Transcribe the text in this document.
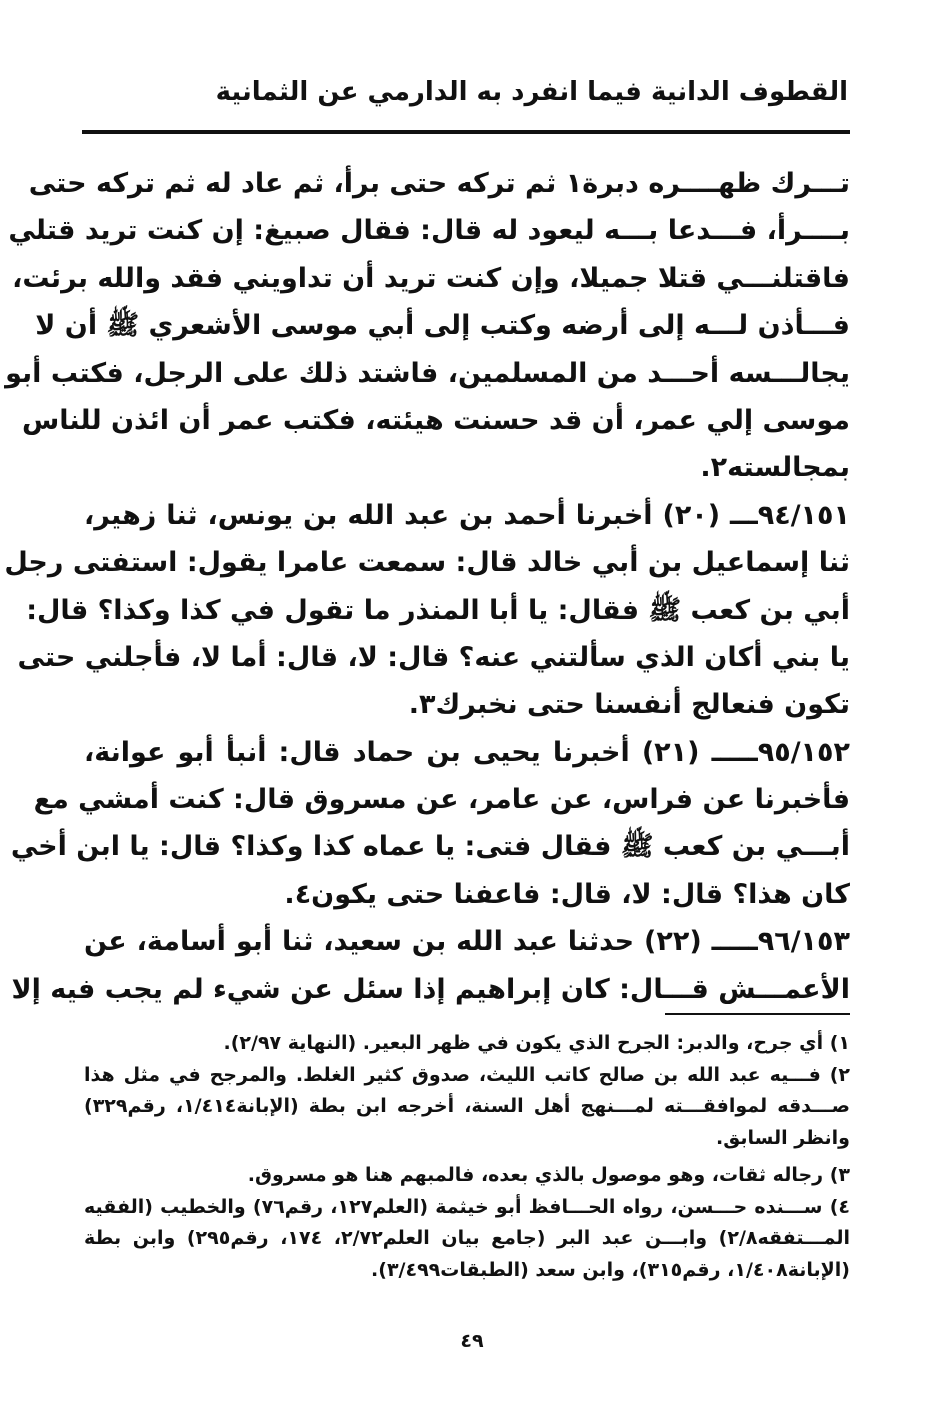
القطوف الدانية فيما انفرد به الدارمي عن الثمانية
تـــرك ظهــــره دبرة١ ثم تركه حتى برأ، ثم عاد له ثم تركه حتى
بــــرأ، فـــدعا بـــه ليعود له قال: فقال صبيغ: إن كنت تريد قتلي
فاقتلنـــي قتلا جميلا، وإن كنت تريد أن تداويني فقد والله برئت،
فـــأذن لـــه إلى أرضه وكتب إلى أبي موسى الأشعري ﷺ أن لا
يجالـــسه أحـــد من المسلمين، فاشتد ذلك على الرجل، فكتب أبو
موسى إلي عمر، أن قد حسنت هيئته، فكتب عمر أن ائذن للناس
بمجالسته٢.
٩٤/١٥١ـــ (٢٠) أخبرنا أحمد بن عبد الله بن يونس، ثنا زهير،
ثنا إسماعيل بن أبي خالد قال: سمعت عامرا يقول: استفتى رجل
أبي بن كعب ﷺ فقال: يا أبا المنذر ما تقول في كذا وكذا؟ قال:
يا بني أكان الذي سألتني عنه؟ قال: لا، قال: أما لا، فأجلني حتى
تكون فنعالج أنفسنا حتى نخبرك٣.
٩٥/١٥٢ـــــ (٢١) أخبرنا يحيى بن حماد قال: أنبأ أبو عوانة،
فأخبرنا عن فراس، عن عامر، عن مسروق قال: كنت أمشي مع
أبـــي بن كعب ﷺ فقال فتى: يا عماه كذا وكذا؟ قال: يا ابن أخي
كان هذا؟ قال: لا، قال: فاعفنا حتى يكون٤.
٩٦/١٥٣ـــــ (٢٢) حدثنا عبد الله بن سعيد، ثنا أبو أسامة، عن
الأعمـــش قـــال: كان إبراهيم إذا سئل عن شيء لم يجب فيه إلا
١) أي جرح، والدبر: الجرح الذي يكون في ظهر البعير. (النهاية ٢/٩٧).
٢) فـــيه عبد الله بن صالح كاتب الليث، صدوق كثير الغلط. والمرجح في مثل هذا
صـــدقه لموافقـــته لمـــنهج أهل السنة، أخرجه ابن بطة (الإبانة١/٤١٤، رقم٣٢٩)
وانظر السابق.
٣) رجاله ثقات، وهو موصول بالذي بعده، فالمبهم هنا هو مسروق.
٤) ســـنده حـــسن، رواه الحـــافظ أبو خيثمة (العلم١٢٧، رقم٧٦) والخطيب (الفقيه
المـــتفقه٢/٨) وابـــن عبد البر (جامع بيان العلم٢/٧٢، ١٧٤، رقم٢٩٥) وابن بطة
(الإبانة١/٤٠٨، رقم٣١٥)، وابن سعد (الطبقات٣/٤٩٩).
٤٩
